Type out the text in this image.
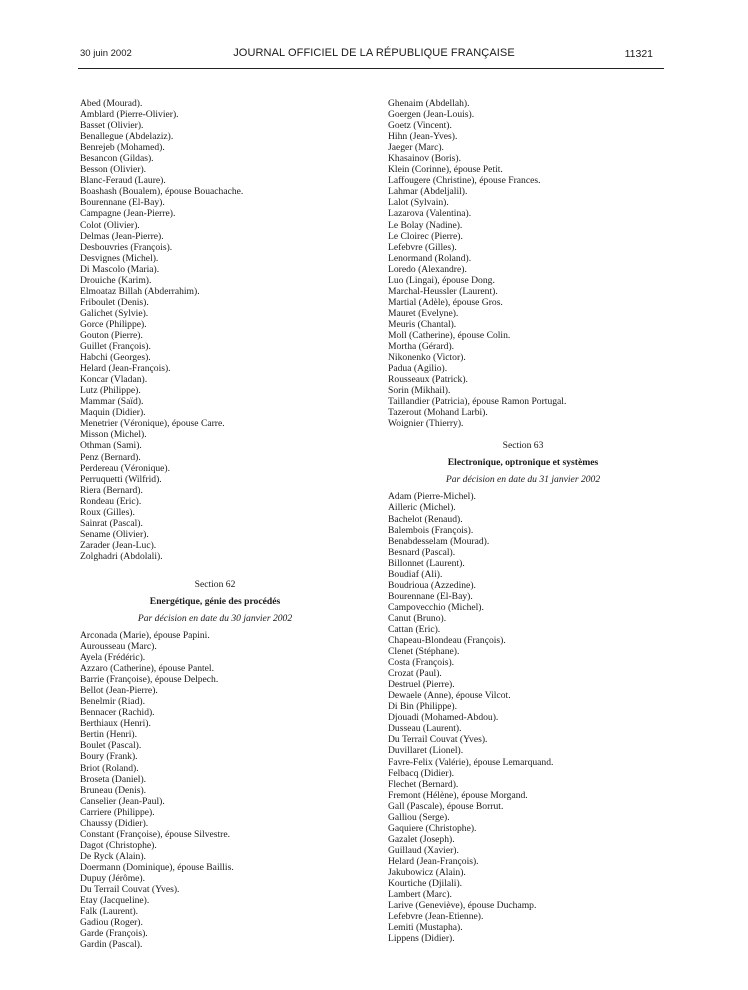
30 juin 2002	JOURNAL OFFICIEL DE LA RÉPUBLIQUE FRANÇAISE	11321
Abed (Mourad).
Amblard (Pierre-Olivier).
Basset (Olivier).
Benallegue (Abdelaziz).
Benrejeb (Mohamed).
Besancon (Gildas).
Besson (Olivier).
Blanc-Feraud (Laure).
Boashash (Boualem), épouse Bouachache.
Bourennane (El-Bay).
Campagne (Jean-Pierre).
Colot (Olivier).
Delmas (Jean-Pierre).
Desbouvries (François).
Desvignes (Michel).
Di Mascolo (Maria).
Drouiche (Karim).
Elmoataz Billah (Abderrahim).
Friboulet (Denis).
Galichet (Sylvie).
Gorce (Philippe).
Gouton (Pierre).
Guillet (François).
Habchi (Georges).
Helard (Jean-François).
Koncar (Vladan).
Lutz (Philippe).
Mammar (Saïd).
Maquin (Didier).
Menetrier (Véronique), épouse Carre.
Misson (Michel).
Othman (Sami).
Penz (Bernard).
Perdereau (Véronique).
Perruquetti (Wilfrid).
Riera (Bernard).
Rondeau (Eric).
Roux (Gilles).
Sainrat (Pascal).
Sename (Olivier).
Zarader (Jean-Luc).
Zolghadri (Abdolali).
Section 62
Energétique, génie des procédés
Par décision en date du 30 janvier 2002
Arconada (Marie), épouse Papini.
Aurousseau (Marc).
Ayela (Frédéric).
Azzaro (Catherine), épouse Pantel.
Barrie (Françoise), épouse Delpech.
Bellot (Jean-Pierre).
Benelmir (Riad).
Bennacer (Rachid).
Berthiaux (Henri).
Bertin (Henri).
Boulet (Pascal).
Boury (Frank).
Briot (Roland).
Broseta (Daniel).
Bruneau (Denis).
Canselier (Jean-Paul).
Carriere (Philippe).
Chaussy (Didier).
Constant (Françoise), épouse Silvestre.
Dagot (Christophe).
De Ryck (Alain).
Doermann (Dominique), épouse Baillis.
Dupuy (Jérôme).
Du Terrail Couvat (Yves).
Etay (Jacqueline).
Falk (Laurent).
Gadiou (Roger).
Garde (François).
Gardin (Pascal).
Ghenaim (Abdellah).
Goergen (Jean-Louis).
Goetz (Vincent).
Hihn (Jean-Yves).
Jaeger (Marc).
Khasainov (Boris).
Klein (Corinne), épouse Petit.
Laffougere (Christine), épouse Frances.
Lahmar (Abdeljalil).
Lalot (Sylvain).
Lazarova (Valentina).
Le Bolay (Nadine).
Le Cloirec (Pierre).
Lefebvre (Gilles).
Lenormand (Roland).
Loredo (Alexandre).
Luo (Lingai), épouse Dong.
Marchal-Heussler (Laurent).
Martial (Adèle), épouse Gros.
Mauret (Evelyne).
Meuris (Chantal).
Moll (Catherine), épouse Colin.
Mortha (Gérard).
Nikonenko (Victor).
Padua (Agilio).
Rousseaux (Patrick).
Sorin (Mikhail).
Taillandier (Patricia), épouse Ramon Portugal.
Tazerout (Mohand Larbi).
Woignier (Thierry).
Section 63
Electronique, optronique et systèmes
Par décision en date du 31 janvier 2002
Adam (Pierre-Michel).
Ailleric (Michel).
Bachelot (Renaud).
Balembois (François).
Benabdesselam (Mourad).
Besnard (Pascal).
Billonnet (Laurent).
Boudiaf (Ali).
Boudrioua (Azzedine).
Bourennane (El-Bay).
Campovecchio (Michel).
Canut (Bruno).
Cattan (Eric).
Chapeau-Blondeau (François).
Clenet (Stéphane).
Costa (François).
Crozat (Paul).
Destruel (Pierre).
Dewaele (Anne), épouse Vilcot.
Di Bin (Philippe).
Djouadi (Mohamed-Abdou).
Dusseau (Laurent).
Du Terrail Couvat (Yves).
Duvillaret (Lionel).
Favre-Felix (Valérie), épouse Lemarquand.
Felbacq (Didier).
Flechet (Bernard).
Fremont (Hélène), épouse Morgand.
Gall (Pascale), épouse Borrut.
Galliou (Serge).
Gaquiere (Christophe).
Gazalet (Joseph).
Guillaud (Xavier).
Helard (Jean-François).
Jakubowicz (Alain).
Kourtiche (Djilali).
Lambert (Marc).
Larive (Geneviève), épouse Duchamp.
Lefebvre (Jean-Etienne).
Lemiti (Mustapha).
Lippens (Didier).
